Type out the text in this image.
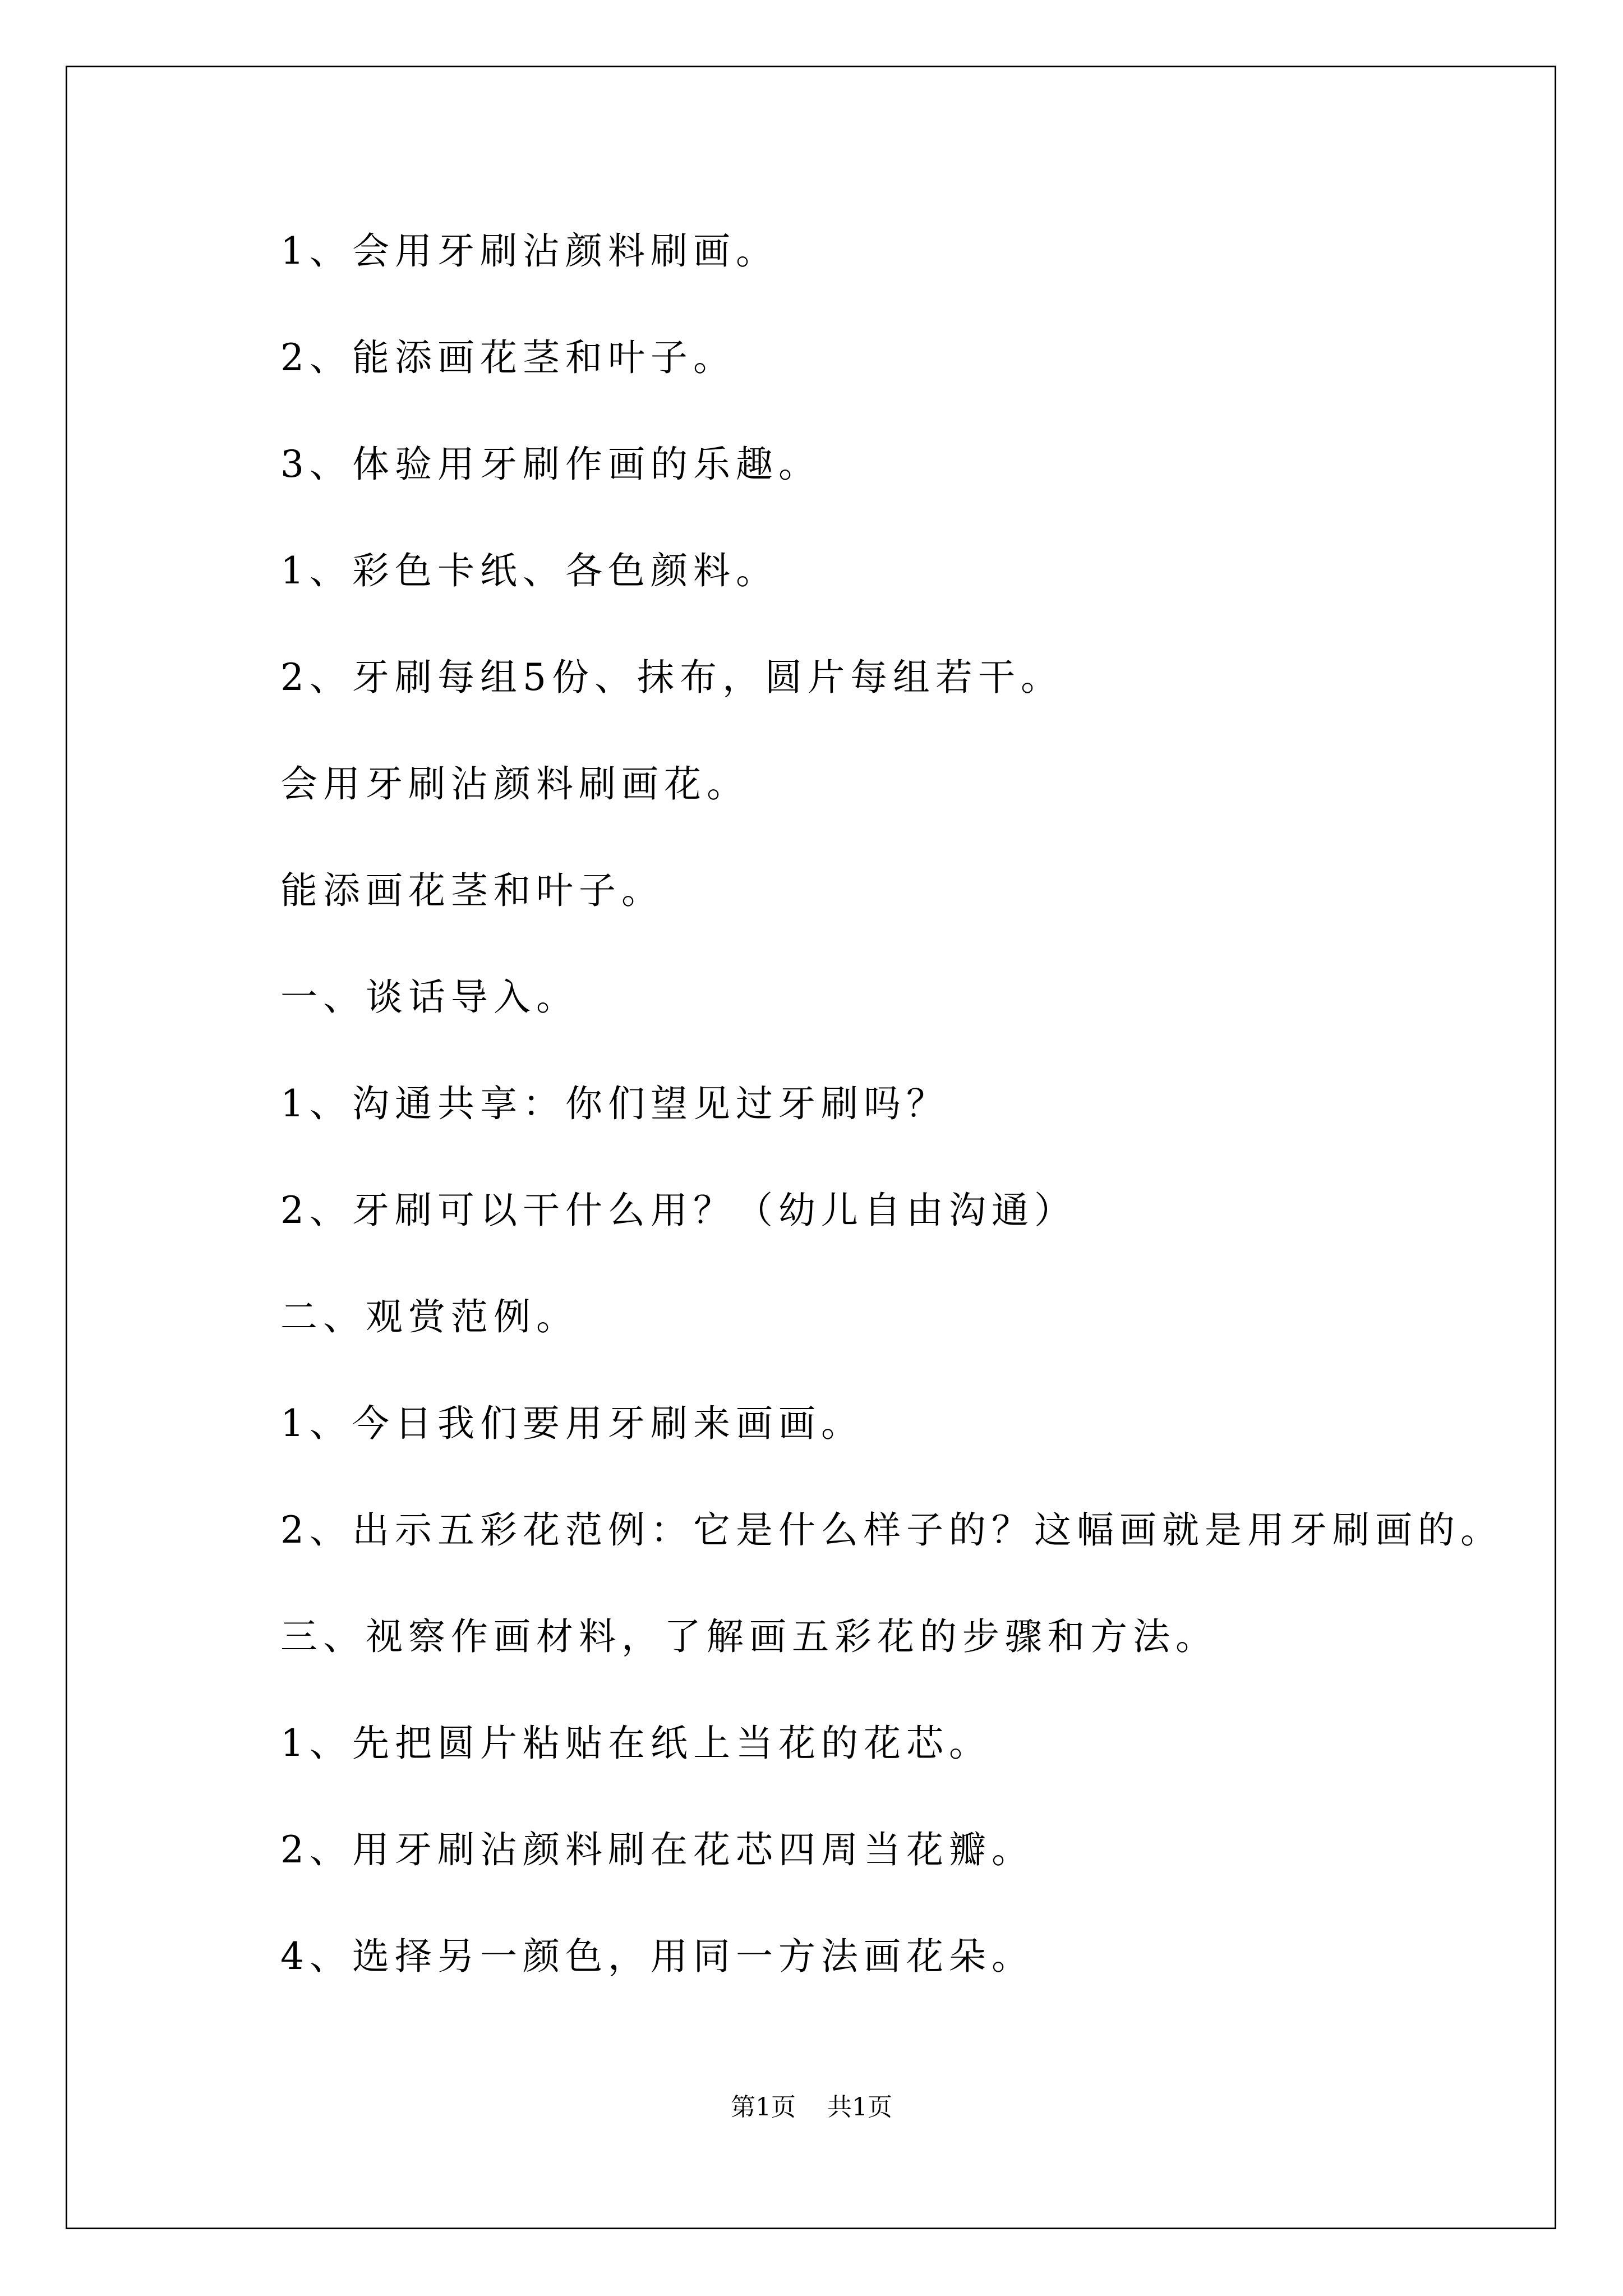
1、会用牙刷沾颜料刷画。
2、能添画花茎和叶子。
3、体验用牙刷作画的乐趣。
1、彩色卡纸、各色颜料。
2、牙刷每组5份、抹布，圆片每组若干。
会用牙刷沾颜料刷画花。
能添画花茎和叶子。
一、谈话导入。
1、沟通共享：你们望见过牙刷吗？
2、牙刷可以干什么用？（幼儿自由沟通）
二、观赏范例。
1、今日我们要用牙刷来画画。
2、出示五彩花范例：它是什么样子的？这幅画就是用牙刷画的。
三、视察作画材料，了解画五彩花的步骤和方法。
1、先把圆片粘贴在纸上当花的花芯。
2、用牙刷沾颜料刷在花芯四周当花瓣。
4、选择另一颜色，用同一方法画花朵。
第1页 共1页
